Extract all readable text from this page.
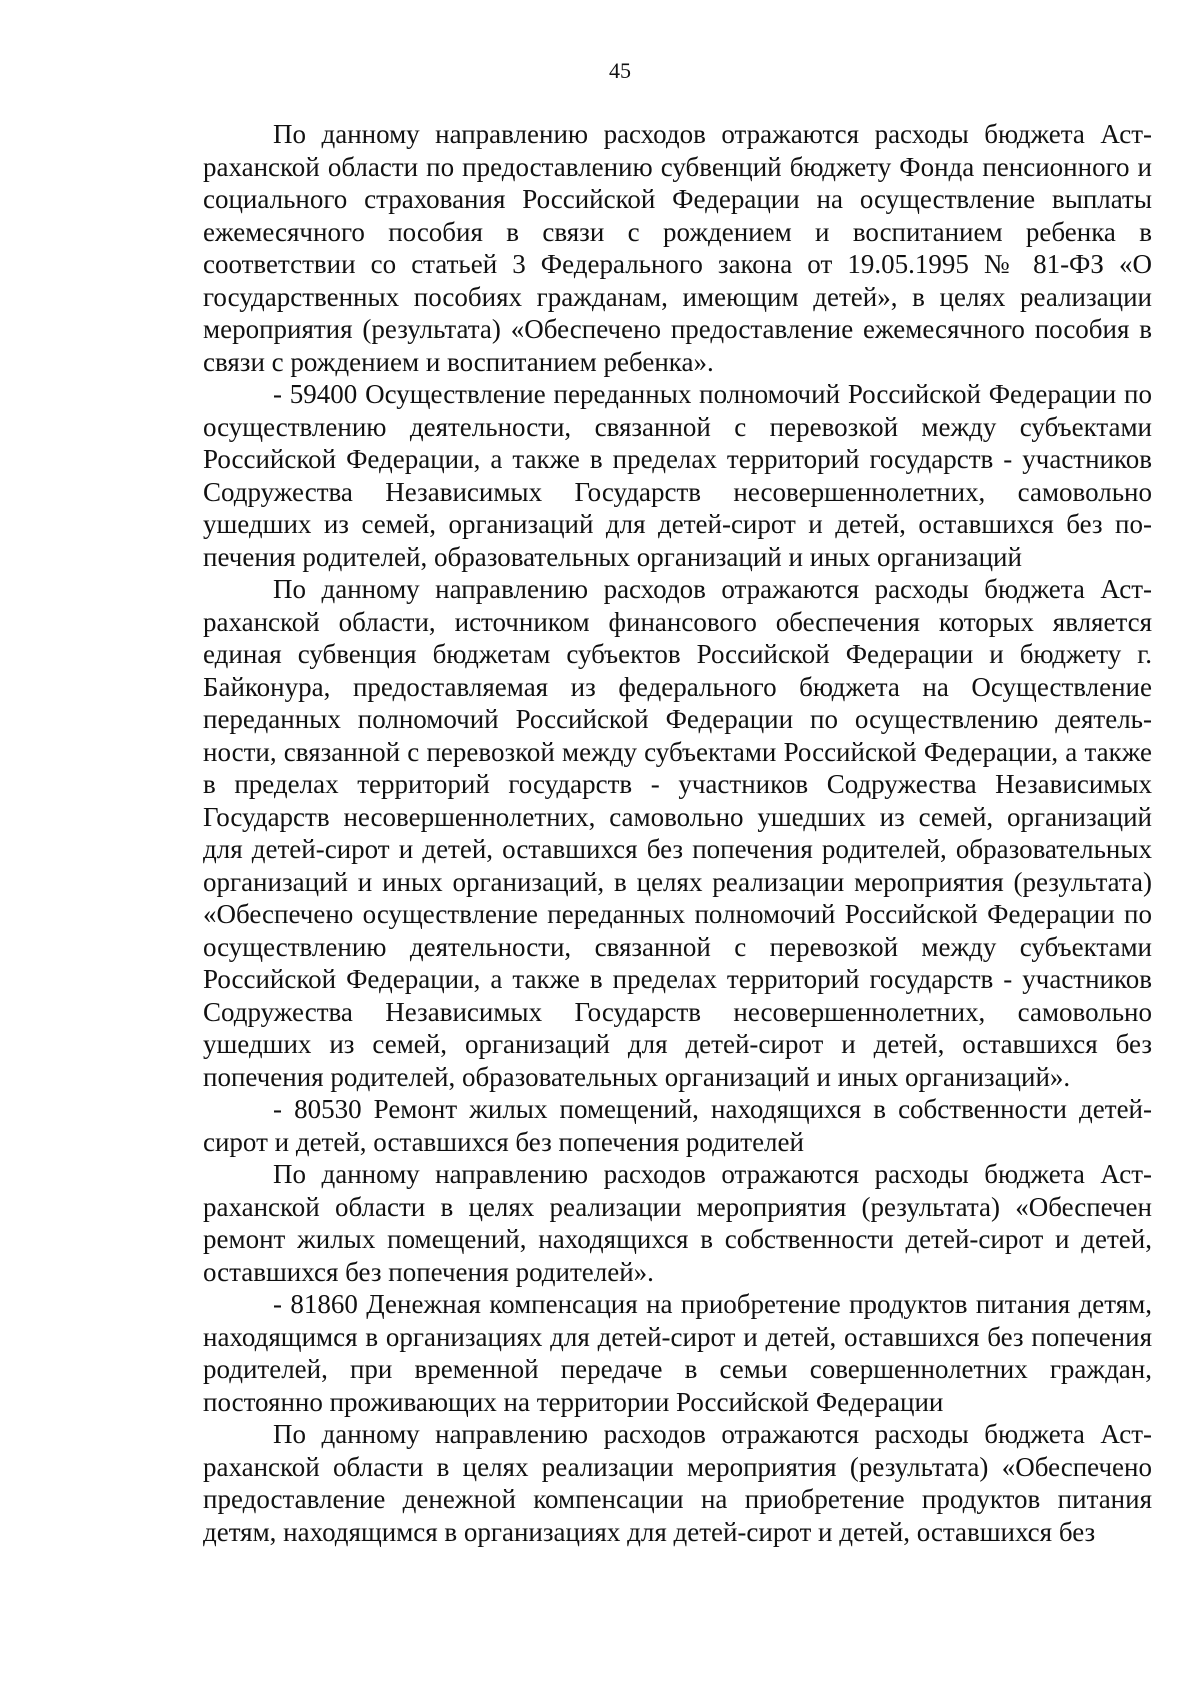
45

По данному направлению расходов отражаются расходы бюджета Астраханской области по предоставлению субвенций бюджету Фонда пенсионного и социального страхования Российской Федерации на осуществление выплаты ежемесячного пособия в связи с рождением и воспитанием ребенка в соответствии со статьей 3 Федерального закона от 19.05.1995 № 81-ФЗ «О государственных пособиях гражданам, имеющим детей», в целях реализации мероприятия (результата) «Обеспечено предоставление ежемесячного пособия в связи с рождением и воспитанием ребенка».

- 59400 Осуществление переданных полномочий Российской Федерации по осуществлению деятельности, связанной с перевозкой между субъектами Российской Федерации, а также в пределах территорий государств - участников Содружества Независимых Государств несовершеннолетних, самовольно ушедших из семей, организаций для детей-сирот и детей, оставшихся без попечения родителей, образовательных организаций и иных организаций

По данному направлению расходов отражаются расходы бюджета Астраханской области, источником финансового обеспечения которых является единая субвенция бюджетам субъектов Российской Федерации и бюджету г. Байконура, предоставляемая из федерального бюджета на Осуществление переданных полномочий Российской Федерации по осуществлению деятельности, связанной с перевозкой между субъектами Российской Федерации, а также в пределах территорий государств - участников Содружества Независимых Государств несовершеннолетних, самовольно ушедших из семей, организаций для детей-сирот и детей, оставшихся без попечения родителей, образовательных организаций и иных организаций, в целях реализации мероприятия (результата) «Обеспечено осуществление переданных полномочий Российской Федерации по осуществлению деятельности, связанной с перевозкой между субъектами Российской Федерации, а также в пределах территорий государств - участников Содружества Независимых Государств несовершеннолетних, самовольно ушедших из семей, организаций для детей-сирот и детей, оставшихся без попечения родителей, образовательных организаций и иных организаций».

- 80530 Ремонт жилых помещений, находящихся в собственности детей-сирот и детей, оставшихся без попечения родителей

По данному направлению расходов отражаются расходы бюджета Астраханской области в целях реализации мероприятия (результата) «Обеспечен ремонт жилых помещений, находящихся в собственности детей-сирот и детей, оставшихся без попечения родителей».

- 81860 Денежная компенсация на приобретение продуктов питания детям, находящимся в организациях для детей-сирот и детей, оставшихся без попечения родителей, при временной передаче в семьи совершеннолетних граждан, постоянно проживающих на территории Российской Федерации

По данному направлению расходов отражаются расходы бюджета Астраханской области в целях реализации мероприятия (результата) «Обеспечено предоставление денежной компенсации на приобретение продуктов питания детям, находящимся в организациях для детей-сирот и детей, оставшихся без
